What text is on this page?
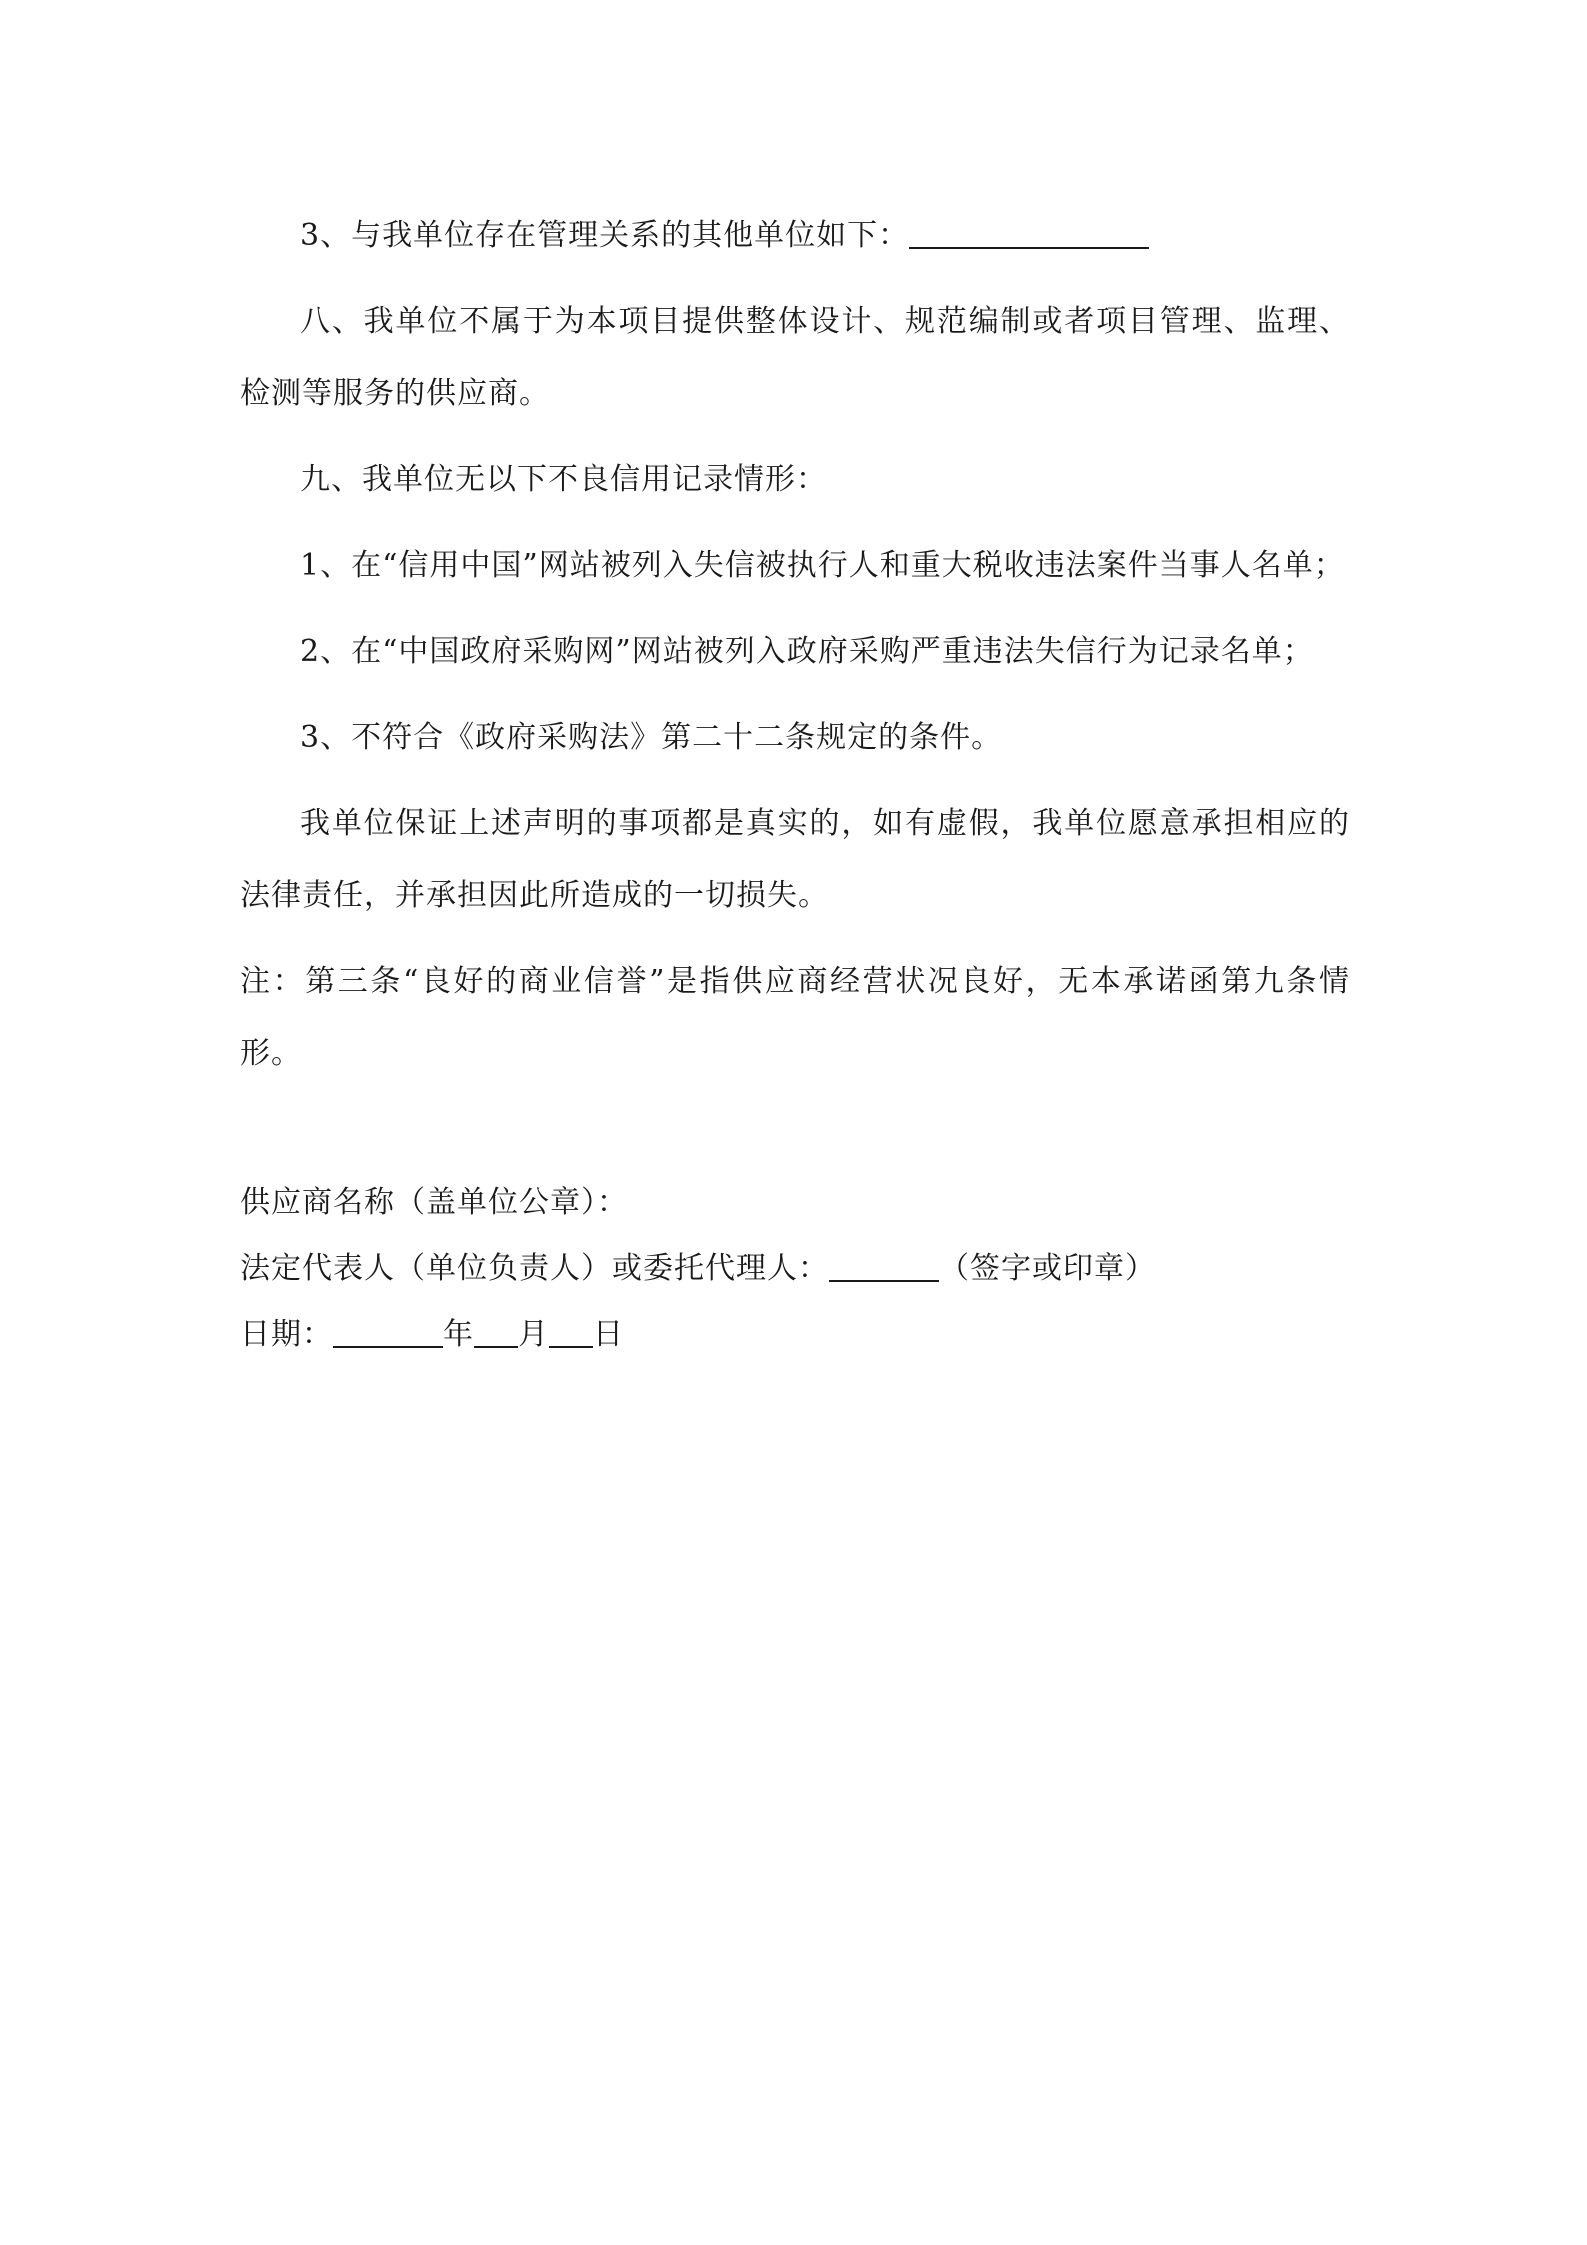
3、与我单位存在管理关系的其他单位如下：

八、我单位不属于为本项目提供整体设计、规范编制或者项目管理、监理、检测等服务的供应商。

九、我单位无以下不良信用记录情形：

1、在“信用中国”网站被列入失信被执行人和重大税收违法案件当事人名单；

2、在“中国政府采购网”网站被列入政府采购严重违法失信行为记录名单；

3、不符合《政府采购法》第二十二条规定的条件。

我单位保证上述声明的事项都是真实的，如有虚假，我单位愿意承担相应的法律责任，并承担因此所造成的一切损失。

注：第三条“良好的商业信誉”是指供应商经营状况良好，无本承诺函第九条情形。

供应商名称（盖单位公章）：

法定代表人（单位负责人）或委托代理人：	（签字或印章）

日期：	年 月 日
